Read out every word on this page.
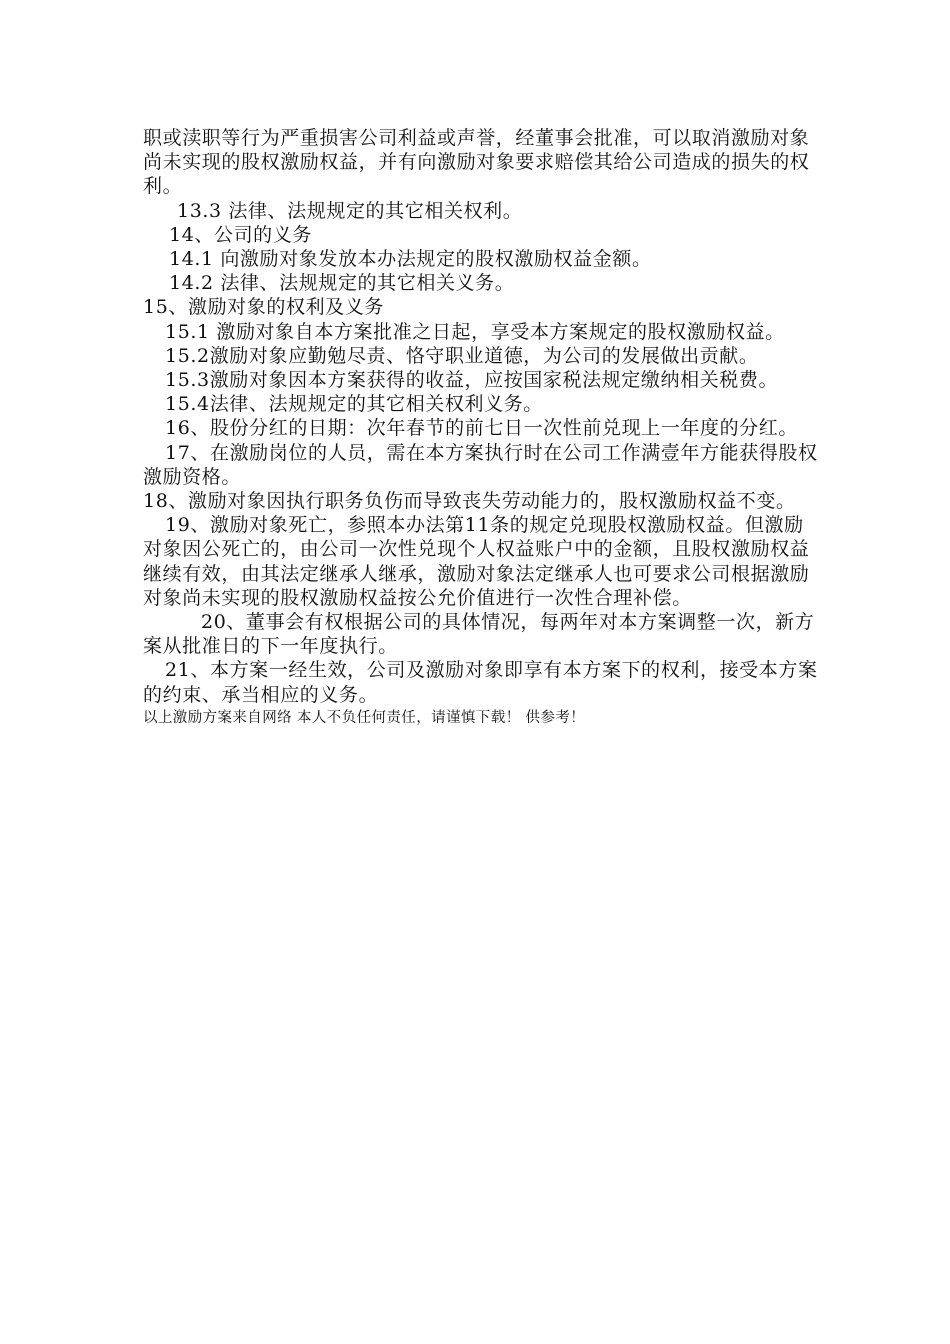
职或渎职等行为严重损害公司利益或声誉，经董事会批准，可以取消激励对象尚未实现的股权激励权益，并有向激励对象要求赔偿其给公司造成的损失的权利。

13.3 法律、法规规定的其它相关权利。

14、公司的义务

14.1 向激励对象发放本办法规定的股权激励权益金额。

14.2 法律、法规规定的其它相关义务。

15、激励对象的权利及义务

15.1 激励对象自本方案批准之日起，享受本方案规定的股权激励权益。

15.2激励对象应勤勉尽责、恪守职业道德，为公司的发展做出贡献。

15.3激励对象因本方案获得的收益，应按国家税法规定缴纳相关税费。

15.4法律、法规规定的其它相关权利义务。

16、股份分红的日期：次年春节的前七日一次性前兑现上一年度的分红。

17、在激励岗位的人员，需在本方案执行时在公司工作满壹年方能获得股权激励资格。

18、激励对象因执行职务负伤而导致丧失劳动能力的，股权激励权益不变。

19、激励对象死亡，参照本办法第11条的规定兑现股权激励权益。但激励对象因公死亡的，由公司一次性兑现个人权益账户中的金额，且股权激励权益继续有效，由其法定继承人继承，激励对象法定继承人也可要求公司根据激励对象尚未实现的股权激励权益按公允价值进行一次性合理补偿。

20、董事会有权根据公司的具体情况，每两年对本方案调整一次，新方案从批准日的下一年度执行。

21、本方案一经生效，公司及激励对象即享有本方案下的权利，接受本方案的约束、承当相应的义务。

以上激励方案来自网络 本人不负任何责任，请谨慎下载！ 供参考！
